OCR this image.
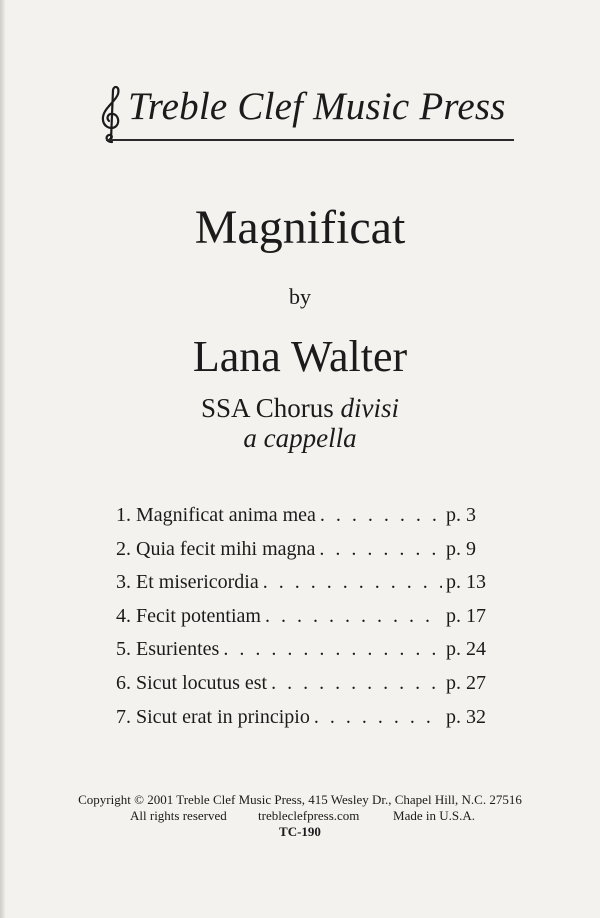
Treble Clef Music Press
Magnificat
by
Lana Walter
SSA Chorus divisi
a cappella
1. Magnificat anima mea . . .	p. 3
2. Quia fecit mihi magna . . .	p. 9
3. Et misericordia . . .	p. 13
4. Fecit potentiam . . .	p. 17
5. Esurientes . . .	p. 24
6. Sicut locutus est . . .	p. 27
7. Sicut erat in principio . . .	p. 32
Copyright © 2001 Treble Clef Music Press, 415 Wesley Dr., Chapel Hill, N.C. 27516
All rights reserved trebleclefpress.com	Made in U.S.A.
TC-190
